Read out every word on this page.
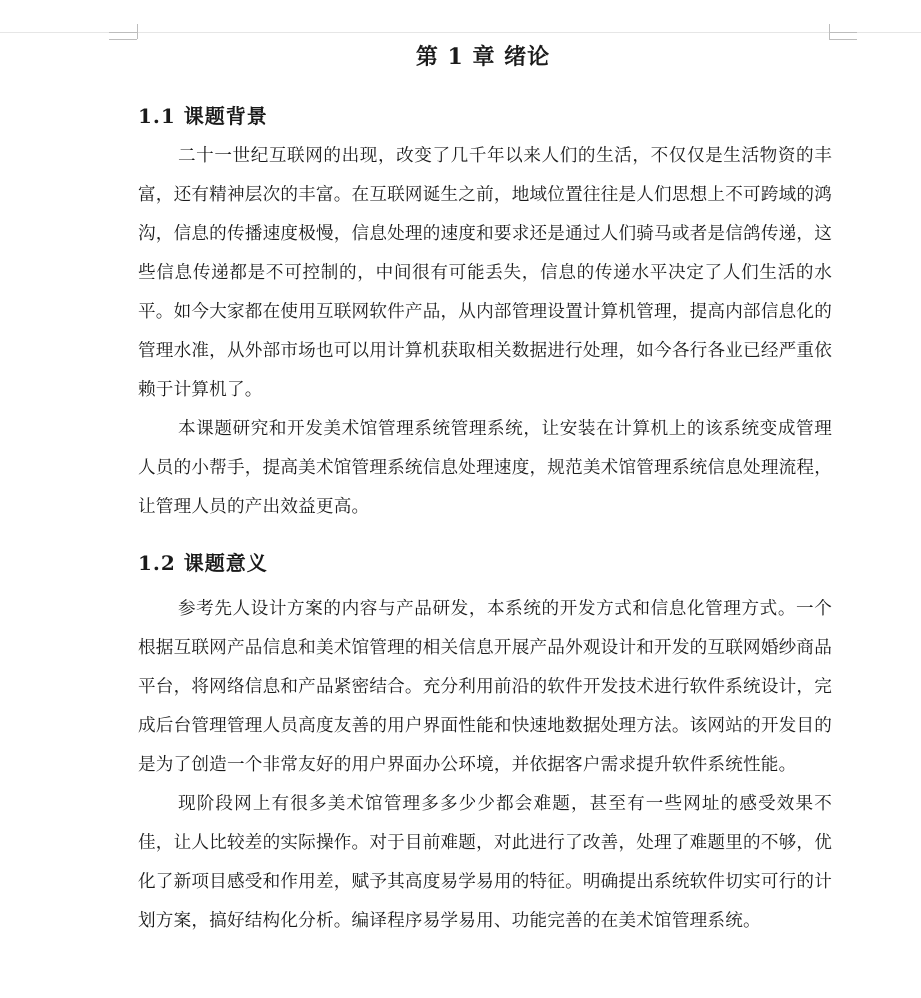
第 1 章 绪论
1.1 课题背景

二十一世纪互联网的出现，改变了几千年以来人们的生活，不仅仅是生活物资的丰富，还有精神层次的丰富。在互联网诞生之前，地域位置往往是人们思想上不可跨域的鸿沟，信息的传播速度极慢，信息处理的速度和要求还是通过人们骑马或者是信鸽传递，这些信息传递都是不可控制的，中间很有可能丢失，信息的传递水平决定了人们生活的水平。如今大家都在使用互联网软件产品，从内部管理设置计算机管理，提高内部信息化的管理水准，从外部市场也可以用计算机获取相关数据进行处理，如今各行各业已经严重依赖于计算机了。

本课题研究和开发美术馆管理系统管理系统，让安装在计算机上的该系统变成管理人员的小帮手，提高美术馆管理系统信息处理速度，规范美术馆管理系统信息处理流程，让管理人员的产出效益更高。

1.2 课题意义

参考先人设计方案的内容与产品研发，本系统的开发方式和信息化管理方式。一个根据互联网产品信息和美术馆管理的相关信息开展产品外观设计和开发的互联网婚纱商品平台，将网络信息和产品紧密结合。充分利用前沿的软件开发技术进行软件系统设计，完成后台管理管理人员高度友善的用户界面性能和快速地数据处理方法。该网站的开发目的是为了创造一个非常友好的用户界面办公环境，并依据客户需求提升软件系统性能。

现阶段网上有很多美术馆管理多多少少都会难题，甚至有一些网址的感受效果不佳，让人比较差的实际操作。对于目前难题，对此进行了改善，处理了难题里的不够，优化了新项目感受和作用差，赋予其高度易学易用的特征。明确提出系统软件切实可行的计划方案，搞好结构化分析。编译程序易学易用、功能完善的在美术馆管理系统。
